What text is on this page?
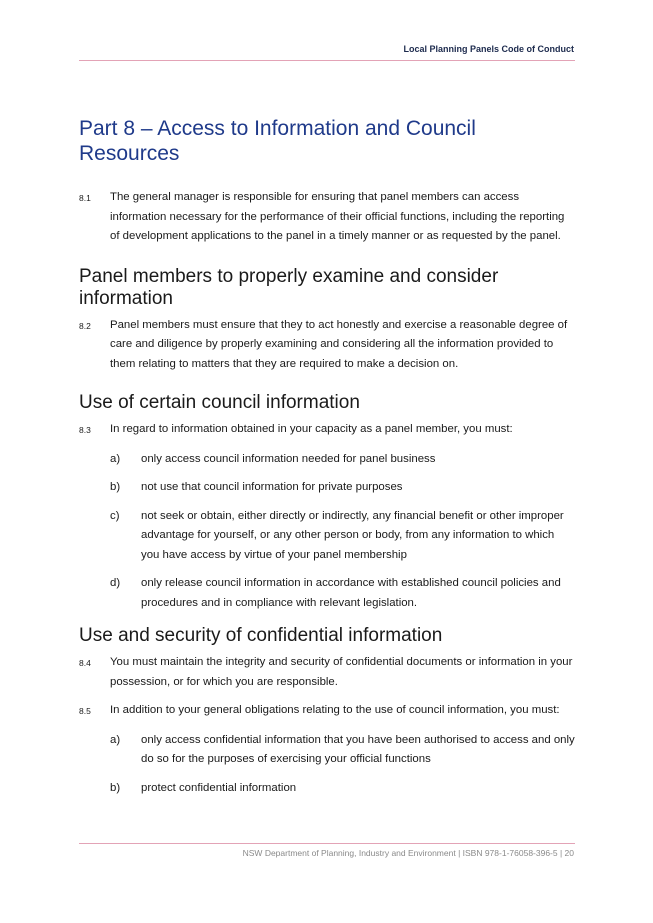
Local Planning Panels Code of Conduct
Part 8 – Access to Information and Council Resources
8.1 The general manager is responsible for ensuring that panel members can access information necessary for the performance of their official functions, including the reporting of development applications to the panel in a timely manner or as requested by the panel.
Panel members to properly examine and consider information
8.2 Panel members must ensure that they to act honestly and exercise a reasonable degree of care and diligence by properly examining and considering all the information provided to them relating to matters that they are required to make a decision on.
Use of certain council information
8.3 In regard to information obtained in your capacity as a panel member, you must:
a) only access council information needed for panel business
b) not use that council information for private purposes
c) not seek or obtain, either directly or indirectly, any financial benefit or other improper advantage for yourself, or any other person or body, from any information to which you have access by virtue of your panel membership
d) only release council information in accordance with established council policies and procedures and in compliance with relevant legislation.
Use and security of confidential information
8.4 You must maintain the integrity and security of confidential documents or information in your possession, or for which you are responsible.
8.5 In addition to your general obligations relating to the use of council information, you must:
a) only access confidential information that you have been authorised to access and only do so for the purposes of exercising your official functions
b) protect confidential information
NSW Department of Planning, Industry and Environment | ISBN 978-1-76058-396-5 | 20
